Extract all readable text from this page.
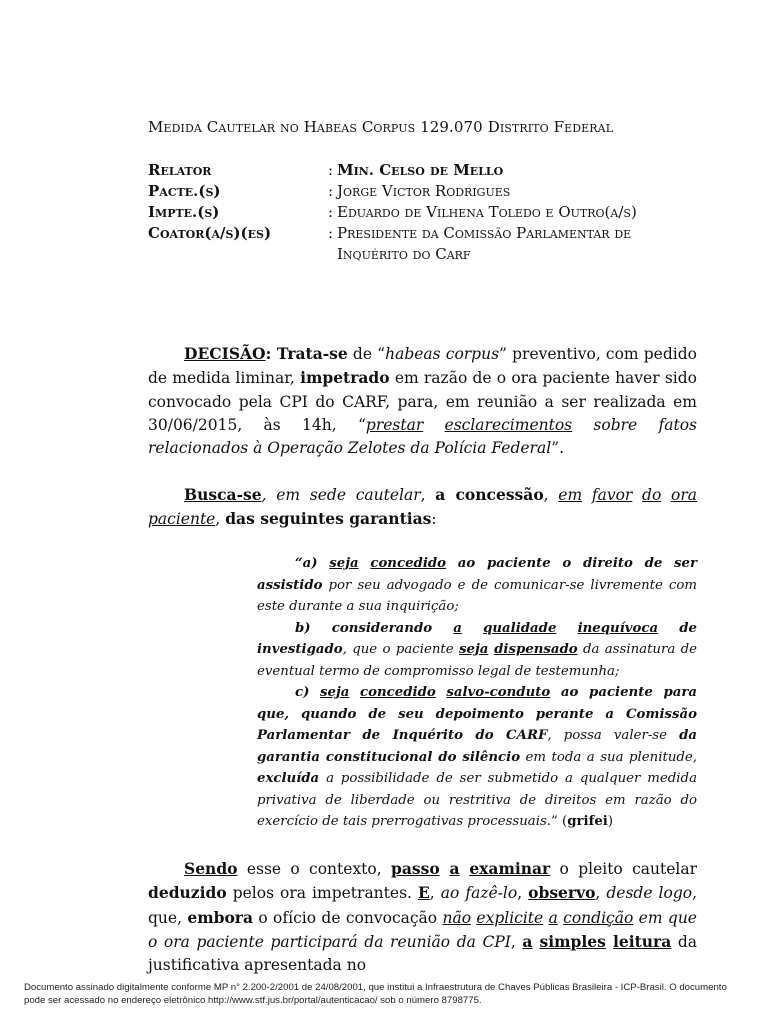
Medida Cautelar no Habeas Corpus 129.070 Distrito Federal
Relator	: Min. Celso de Mello
Pacte.(s)	: Jorge Victor Rodrigues
Impte.(s)	: Eduardo de Vilhena Toledo e Outro(a/s)
Coator(a/s)(es)	: Presidente da Comissão Parlamentar de
Inquérito do Carf
DECISÃO: Trata-se de “habeas corpus” preventivo, com pedido de medida liminar, impetrado em razão de o ora paciente haver sido convocado pela CPI do CARF, para, em reunião a ser realizada em 30/06/2015, às 14h, “prestar esclarecimentos sobre fatos relacionados à Operação Zelotes da Polícia Federal”.
Busca-se, em sede cautelar, a concessão, em favor do ora paciente, das seguintes garantias:

“a) seja concedido ao paciente o direito de ser assistido por seu advogado e de comunicar-se livremente com este durante a sua inquirição;

b) considerando a qualidade inequívoca de investigado, que o paciente seja dispensado da assinatura de eventual termo de compromisso legal de testemunha;

c) seja concedido salvo-conduto ao paciente para que, quando de seu depoimento perante a Comissão Parlamentar de Inquérito do CARF, possa valer-se da garantia constitucional do silêncio em toda a sua plenitude, excluída a possibilidade de ser submetido a qualquer medida privativa de liberdade ou restritiva de direitos em razão do exercício de tais prerrogativas processuais.” (grifei)

Sendo esse o contexto, passo a examinar o pleito cautelar deduzido pelos ora impetrantes. E, ao fazê-lo, observo, desde logo, que, embora o ofício de convocação não explicite a condição em que o ora paciente participará da reunião da CPI, a simples leitura da justificativa apresentada no
Documento assinado digitalmente conforme MP n° 2.200-2/2001 de 24/08/2001, que institui a Infraestrutura de Chaves Públicas Brasileira - ICP-Brasil. O documento pode ser acessado no endereço eletrônico http://www.stf.jus.br/portal/autenticacao/ sob o número 8798775.
